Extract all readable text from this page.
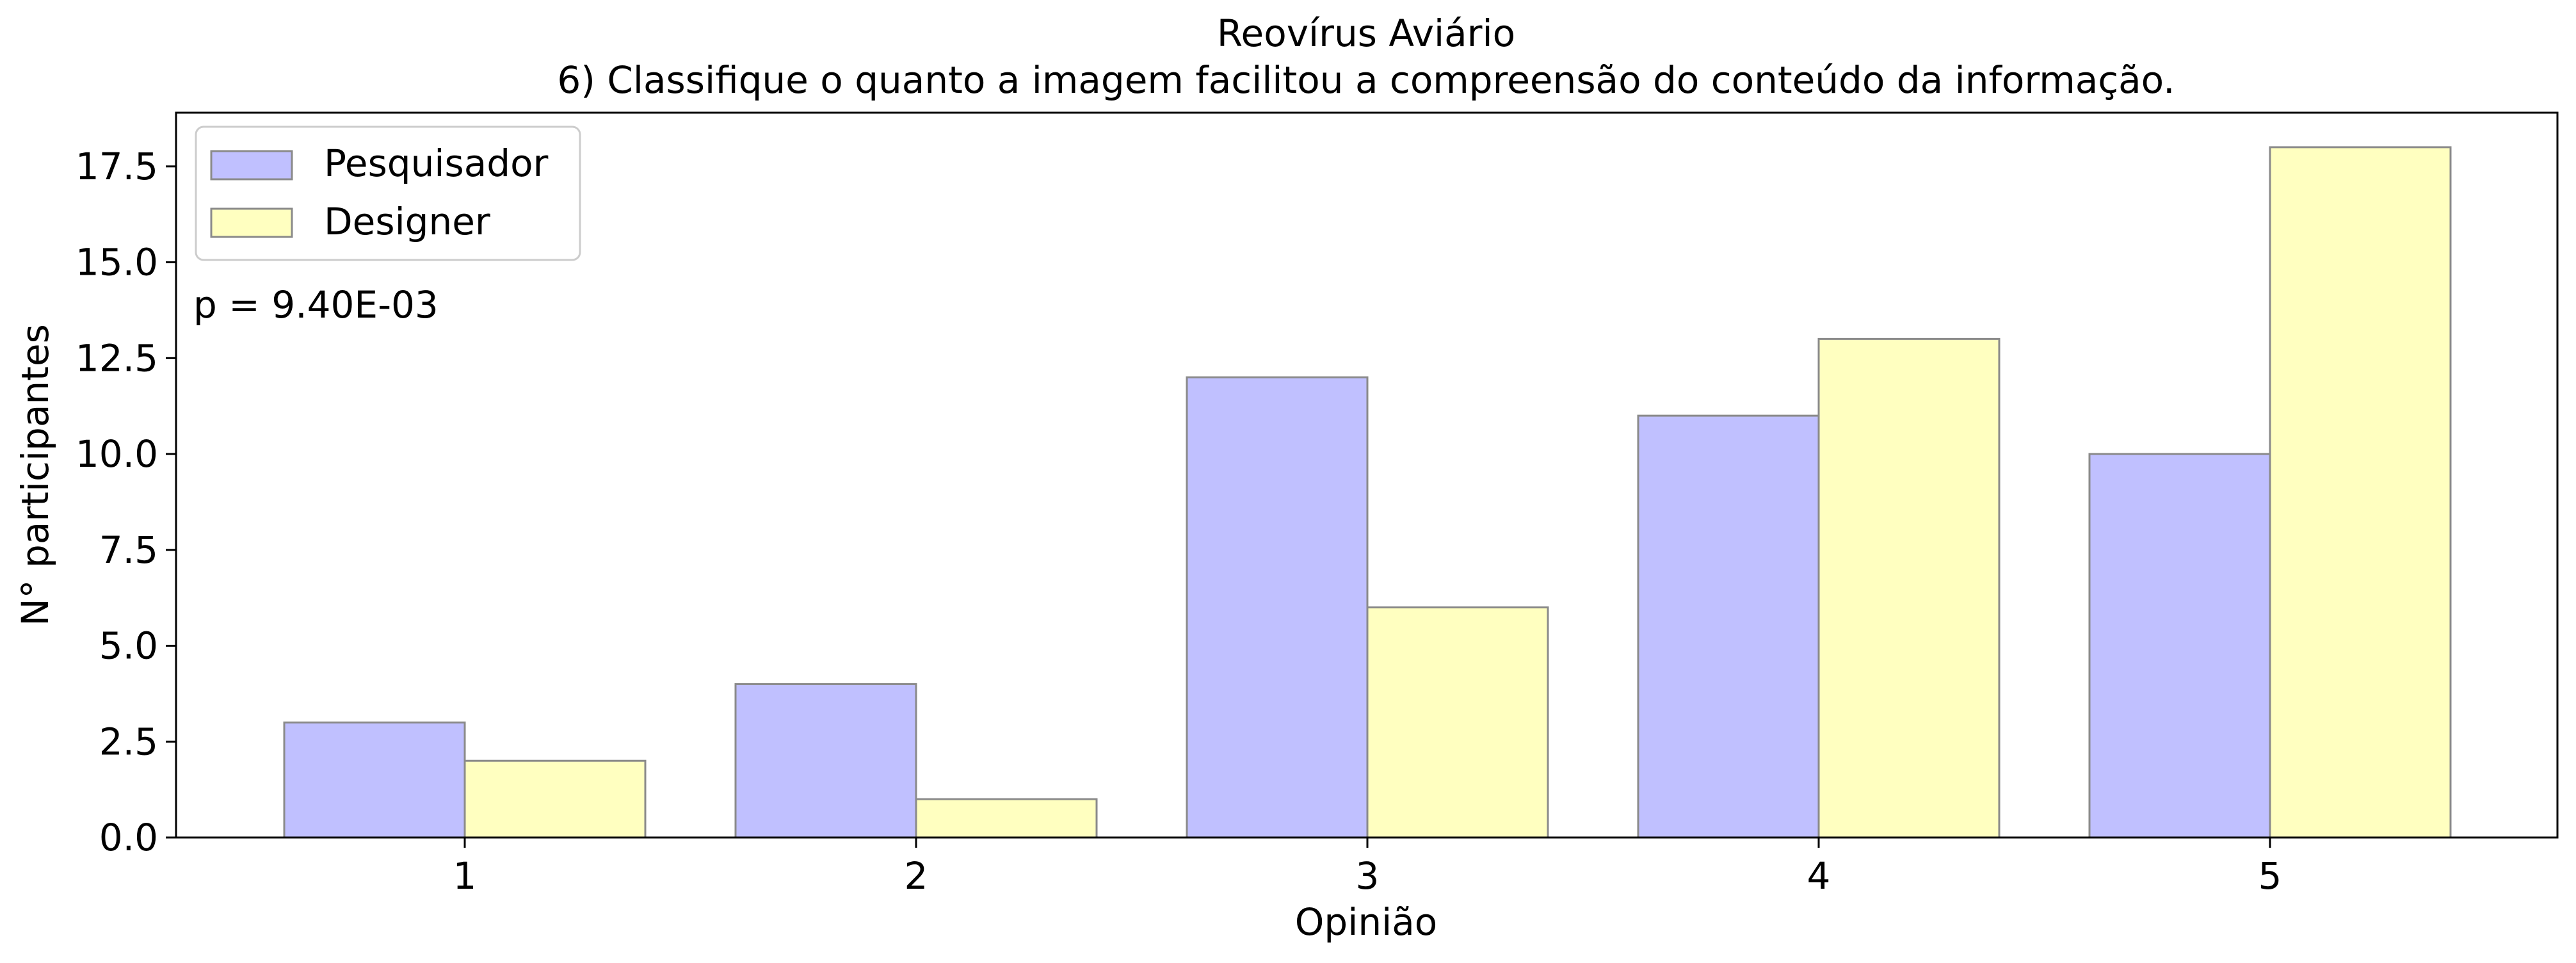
Reovírus Aviário
6) Classifique o quanto a imagem facilitou a compreensão do conteúdo da informação.
0.0
2.5
5.0
7.5
10.0
12.5
15.0
17.5
1	2	3	4	5
Opinião
N° participantes
p = 9.40E-03
Pesquisador
Designer
